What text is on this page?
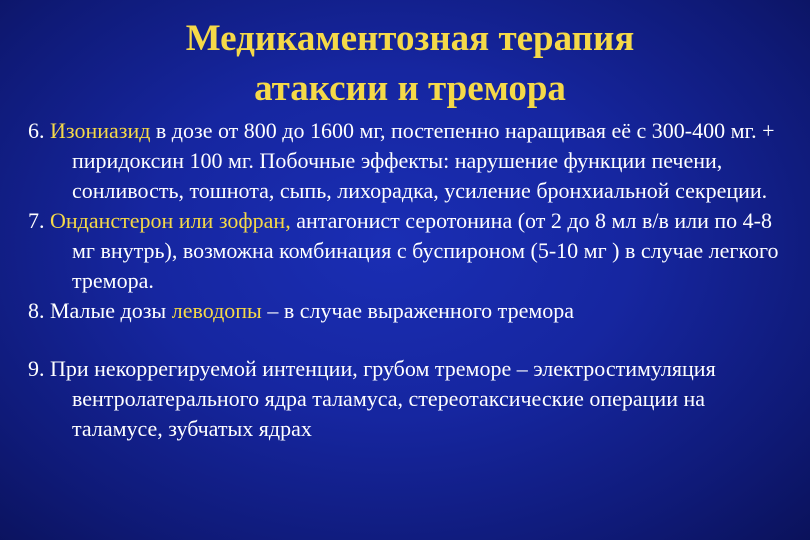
Медикаментозная терапия
атаксии и тремора

6. Изониазид в дозе от 800 до 1600 мг, постепенно наращивая её с 300-400 мг. + пиридоксин 100 мг. Побочные эффекты: нарушение функции печени, сонливость, тошнота, сыпь, лихорадка, усиление бронхиальной секреции.

7. Онданстерон или зофран, антагонист серотонина (от 2 до 8 мл в/в или по 4-8 мг внутрь), возможна комбинация с буспироном (5-10 мг ) в случае легкого тремора.

8. Малые дозы леводопы – в случае выраженного тремора

9. При некоррегируемой интенции, грубом треморе – электростимуляция вентролатерального ядра таламуса, стереотаксические операции на таламусе, зубчатых ядрах
